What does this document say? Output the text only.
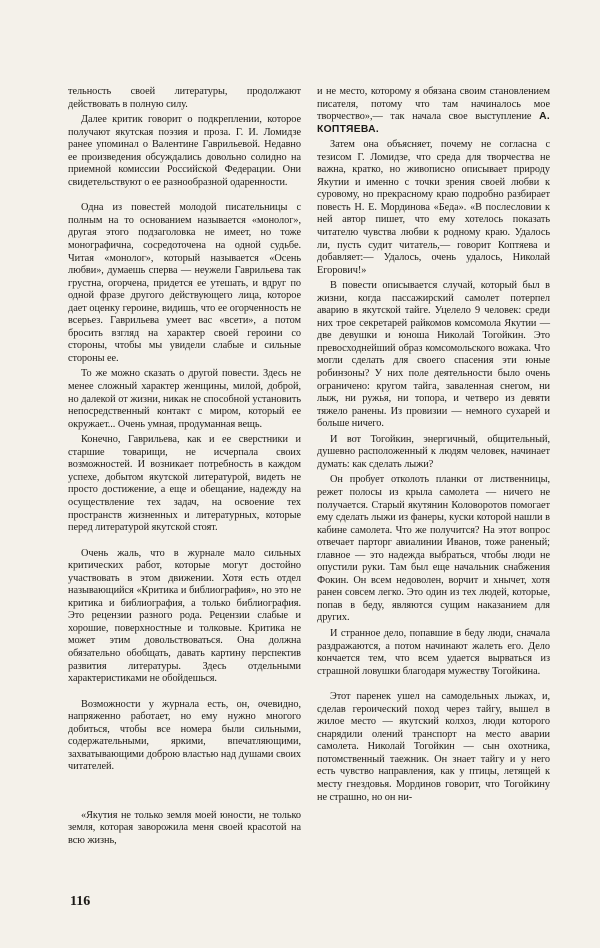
тельность своей литературы, продолжают действовать в полную силу.

Далее критик говорит о подкреплении, которое получают якутская поэзия и проза. Г. И. Ломидзе ранее упоминал о Валентине Гаврильевой. Недавно ее произведения обсуждались довольно солидно на приемной комиссии Российской Федерации. Они свидетельствуют о ее разнообразной одаренности.

Одна из повестей молодой писательницы с полным на то основанием называется «монолог», другая этого подзаголовка не имеет, но тоже монографична, сосредоточена на одной судьбе. Читая «монолог», который называется «Осень любви», думаешь сперва — неужели Гаврильева так грустна, огорчена, придется ее утешать, и вдруг по одной фразе другого действующего лица, которое дает оценку героине, видишь, что ее огорченность не всерьез. Гаврильева умеет вас «всети», а потом бросить взгляд на характер своей героини со стороны, чтобы мы увидели слабые и сильные стороны ее.

То же можно сказать о другой повести. Здесь не менее сложный характер женщины, милой, доброй, но далекой от жизни, никак не способной установить непосредственный контакт с миром, который ее окружает... Очень умная, продуманная вещь.

Конечно, Гаврильева, как и ее сверстники и старшие товарищи, не исчерпала своих возможностей. И возникает потребность в каждом успехе, добытом якутской литературой, видеть не просто достижение, а еще и обещание, надежду на осуществление тех задач, на освоение тех пространств жизненных и литературных, которые перед литературой якутской стоят.

Очень жаль, что в журнале мало сильных критических работ, которые могут достойно участвовать в этом движении. Хотя есть отдел называющийся «Критика и библиография», но это не критика и библиография, а только библиография. Это рецензии разного рода. Рецензии слабые и хорошие, поверхностные и толковые. Критика не может этим довольствоваться. Она должна обязательно обобщать, давать картину перспектив развития литературы. Здесь отдельными характеристиками не обойдешься.

Возможности у журнала есть, он, очевидно, напряженно работает, но ему нужно многого добиться, чтобы все номера были сильными, содержательными, яркими, впечатляющими, захватывающими доброю властью над душами своих читателей.

«Якутия не только земля моей юности, не только земля, которая заворожила меня своей красотой на всю жизнь,

и не место, которому я обязана своим становлением писателя, потому что там начиналось мое творчество»,— так начала свое выступление А. КОПТЯЕВА.

Затем она объясняет, почему не согласна с тезисом Г. Ломидзе, что среда для творчества не важна, кратко, но живописно описывает природу Якутии и именно с точки зрения своей любви к суровому, но прекрасному краю подробно разбирает повесть Н. Е. Мординова «Беда». «В послесловии к ней автор пишет, что ему хотелось показать читателю чувства любви к родному краю. Удалось ли, пусть судит читатель,— говорит Коптяева и добавляет:— Удалось, очень удалось, Николай Егорович!»

В повести описывается случай, который был в жизни, когда пассажирский самолет потерпел аварию в якутской тайге. Уцелело 9 человек: среди них трое секретарей райкомов комсомола Якутии — две девушки и юноша Николай Тогойкин. Это превосходнейший образ комсомольского вожака. Что могли сделать для своего спасения эти юные робинзоны? У них поле деятельности было очень ограничено: кругом тайга, заваленная снегом, ни лыж, ни ружья, ни топора, и четверо из девяти тяжело ранены. Из провизии — немного сухарей и больше ничего.

И вот Тогойкин, энергичный, общительный, душевно расположенный к людям человек, начинает думать: как сделать лыжи?

Он пробует отколоть планки от лиственницы, режет полосы из крыла самолета — ничего не получается. Старый якутянин Коловоротов помогает ему сделать лыжи из фанеры, куски которой нашли в кабине самолета. Что же получится? На этот вопрос отвечает парторг авиалинии Иванов, тоже раненый; главное — это надежда выбраться, чтобы люди не опустили руки. Там был еще начальник снабжения Фокин. Он всем недоволен, ворчит и хнычет, хотя ранен совсем легко. Это один из тех людей, которые, попав в беду, являются сущим наказанием для других.

И странное дело, попавшие в беду люди, сначала раздражаются, а потом начинают жалеть его. Дело кончается тем, что всем удается вырваться из страшной ловушки благодаря мужеству Тогойкина.

Этот паренек ушел на самодельных лыжах, и, сделав героический поход через тайгу, вышел в жилое место — якутский колхоз, люди которого снарядили олений транспорт на место аварии самолета. Николай Тогойкин — сын охотника, потомственный таежник. Он знает тайгу и у него есть чувство направления, как у птицы, летящей к месту гнездовья. Мординов говорит, что Тогойкину не страшно, но он ни-

116
